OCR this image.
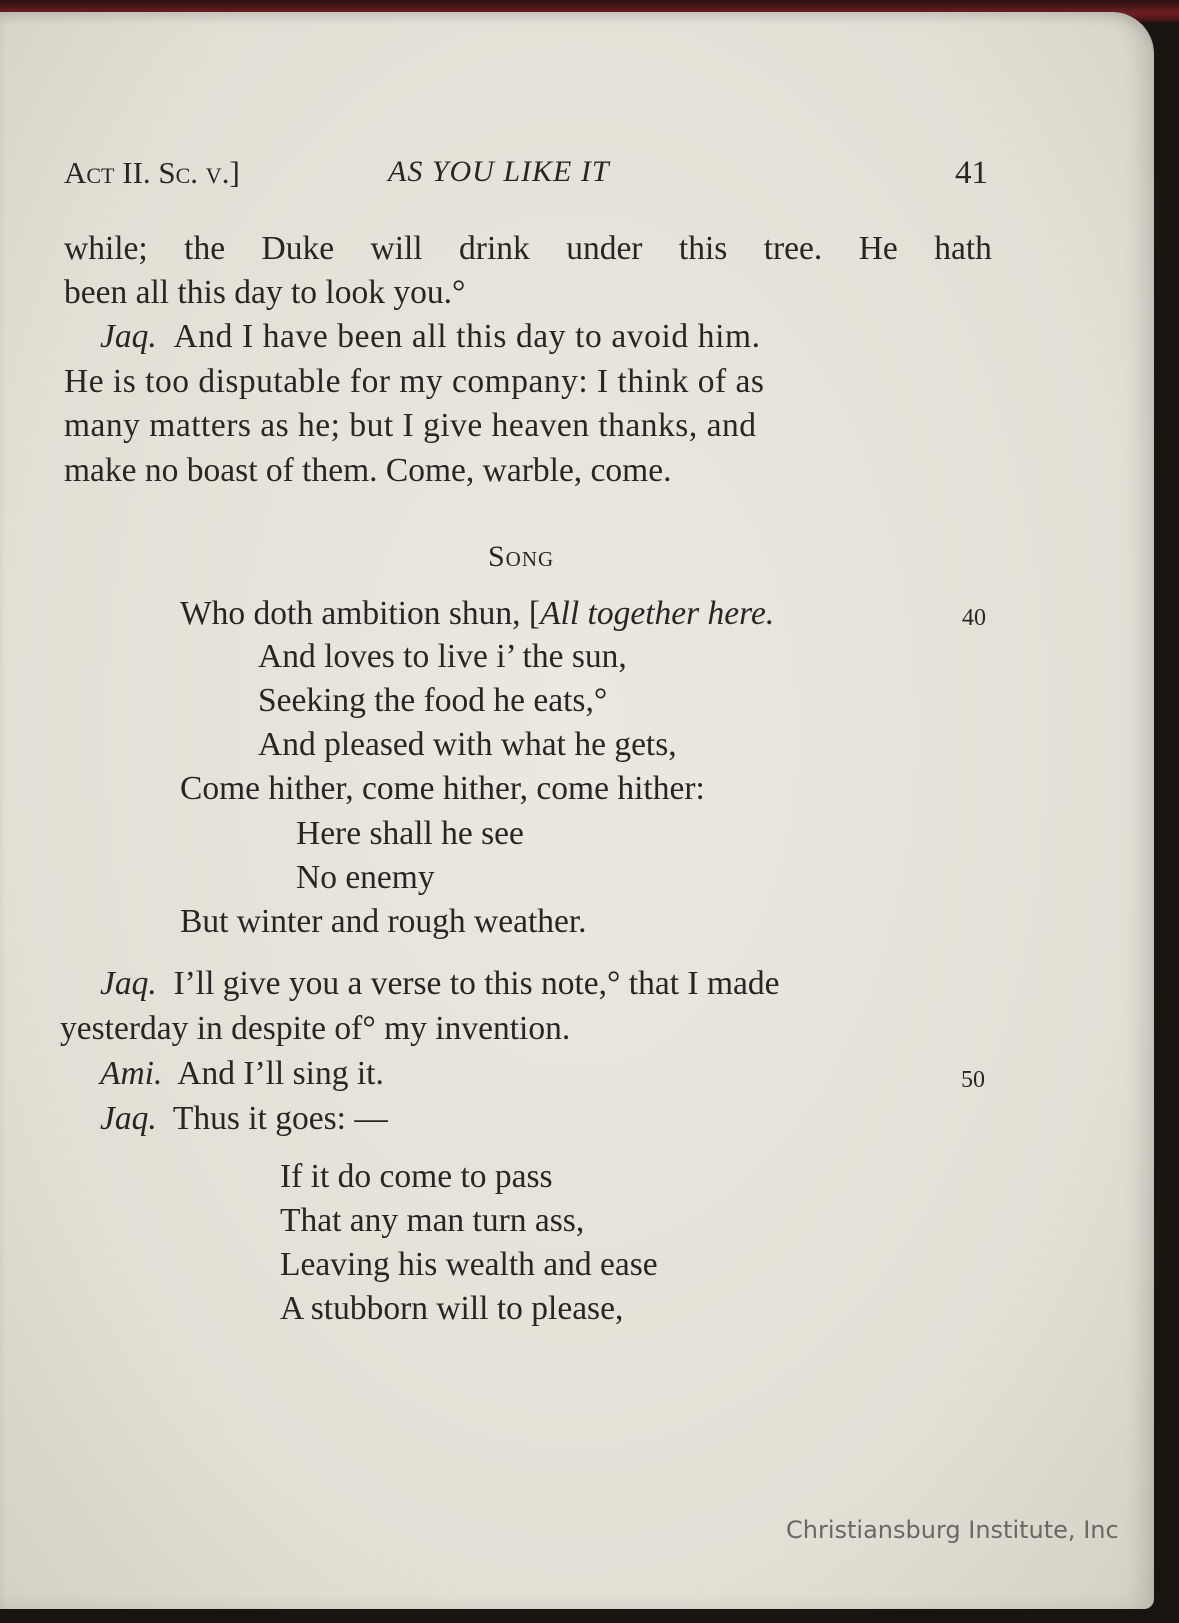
Act II. Sc. v.]	AS YOU LIKE IT	41
while; the Duke will drink under this tree. He hath
been all this day to look you.°
Jaq. And I have been all this day to avoid him.
He is too disputable for my company: I think of as
many matters as he; but I give heaven thanks, and
make no boast of them. Come, warble, come.
Song
Who doth ambition shun, [All together here.	40
And loves to live i’ the sun,
Seeking the food he eats,°
And pleased with what he gets,
Come hither, come hither, come hither:
Here shall he see
No enemy
But winter and rough weather.
Jaq. I’ll give you a verse to this note,° that I made
yesterday in despite of° my invention.
Ami. And I’ll sing it.	50
Jaq. Thus it goes: —
If it do come to pass
That any man turn ass,
Leaving his wealth and ease
A stubborn will to please,
Christiansburg Institute, Inc
